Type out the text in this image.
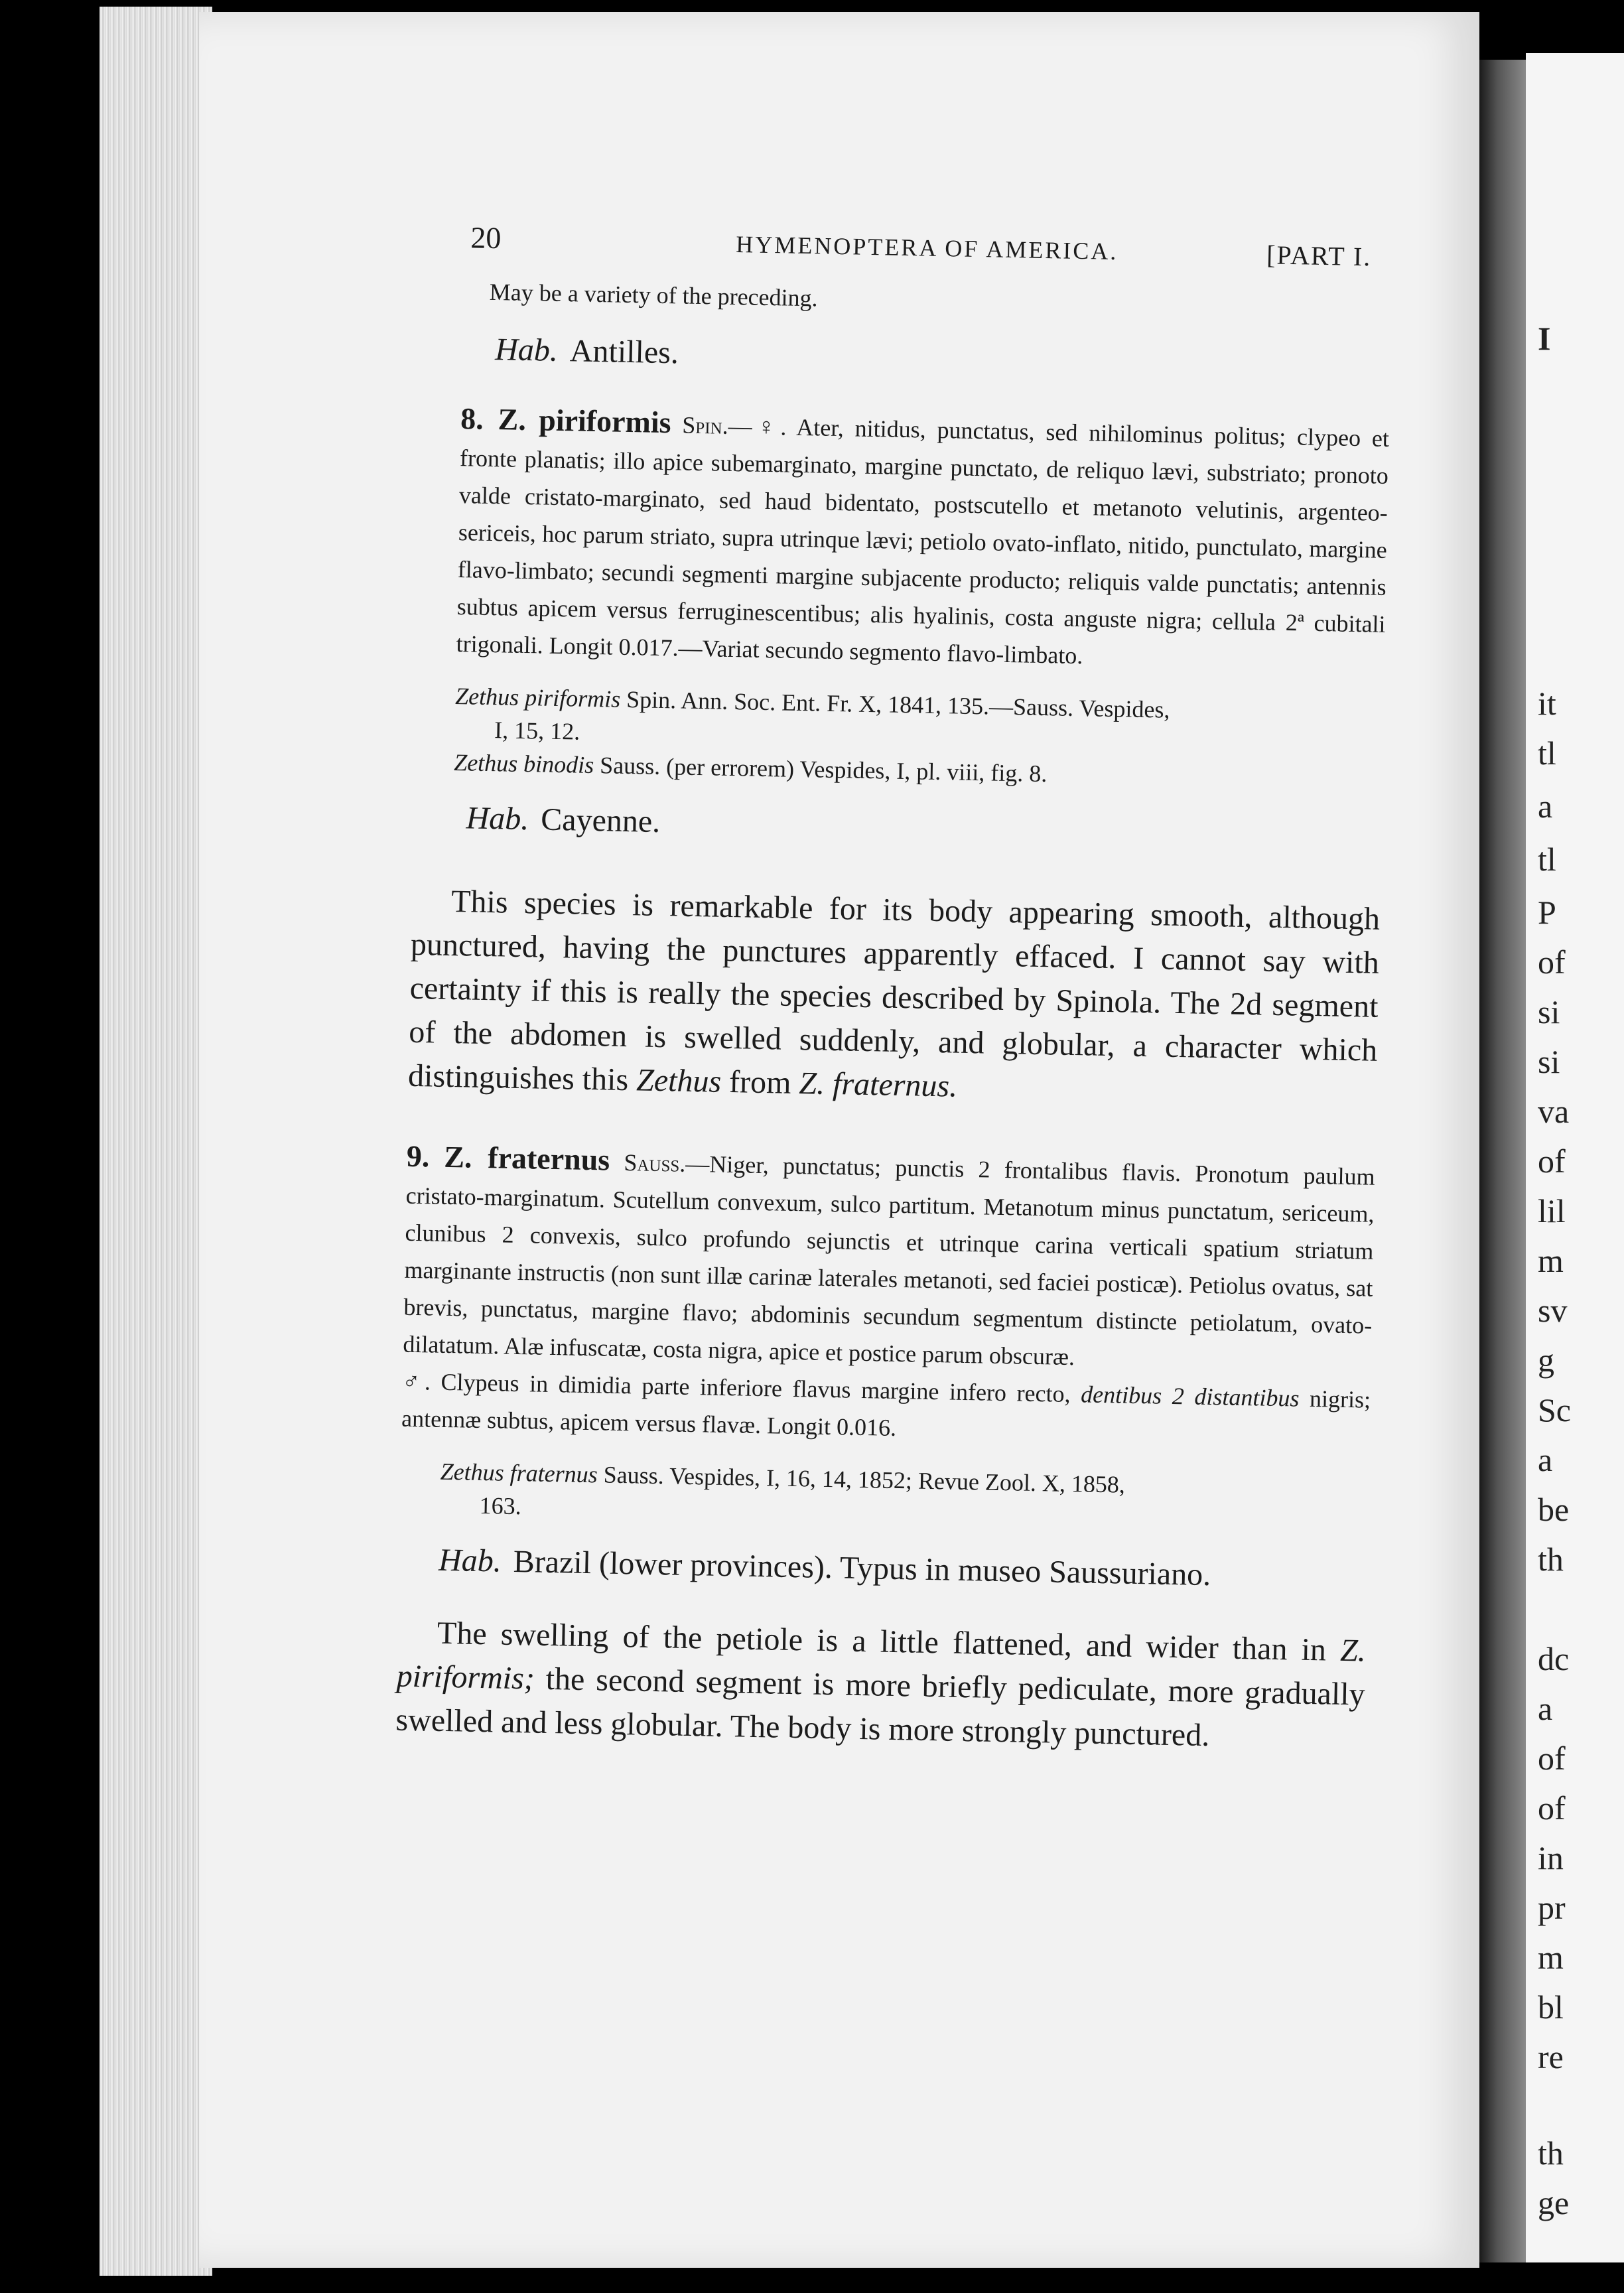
I
it
tl
a
tl
P
of
si
si
va
of
lil
m
sv
g
Sc
a
be
th
dc
a
of
of
in
pr
m
bl
re
th
ge
20	HYMENOPTERA OF AMERICA.	[PART I.

May be a variety of the preceding.

Hab. Antilles.

8. Z. piriformis Spin.—♀. Ater, nitidus, punctatus, sed nihilominus politus; clypeo et fronte planatis; illo apice subemarginato, margine punctato, de reliquo lævi, substriato; pronoto valde cristato-marginato, sed haud bidentato, postscutello et metanoto velutinis, argenteo-sericeis, hoc parum striato, supra utrinque lævi; petiolo ovato-inflato, nitido, punctulato, margine flavo-limbato; secundi segmenti margine subjacente producto; reliquis valde punctatis; antennis subtus apicem versus ferruginescentibus; alis hyalinis, costa anguste nigra; cellula 2ª cubitali trigonali. Longit 0.017.—Variat secundo segmento flavo-limbato.

Zethus piriformis Spin. Ann. Soc. Ent. Fr. X, 1841, 135.—Sauss. Vespides,
I, 15, 12.

Zethus binodis Sauss. (per errorem) Vespides, I, pl. viii, fig. 8.

Hab. Cayenne.

This species is remarkable for its body appearing smooth, although punctured, having the punctures apparently effaced. I cannot say with certainty if this is really the species described by Spinola. The 2d segment of the abdomen is swelled suddenly, and globular, a character which distinguishes this Zethus from Z. fraternus.

9. Z. fraternus Sauss.—Niger, punctatus; punctis 2 frontalibus flavis. Pronotum paulum cristato-marginatum. Scutellum convexum, sulco partitum. Metanotum minus punctatum, sericeum, clunibus 2 convexis, sulco profundo sejunctis et utrinque carina verticali spatium striatum marginante instructis (non sunt illæ carinæ laterales metanoti, sed faciei posticæ). Petiolus ovatus, sat brevis, punctatus, margine flavo; abdominis secundum segmentum distincte petiolatum, ovato-dilatatum. Alæ infuscatæ, costa nigra, apice et postice parum obscuræ.

♂. Clypeus in dimidia parte inferiore flavus margine infero recto, dentibus 2 distantibus nigris; antennæ subtus, apicem versus flavæ. Longit 0.016.

Zethus fraternus Sauss. Vespides, I, 16, 14, 1852; Revue Zool. X, 1858,
163.

Hab. Brazil (lower provinces). Typus in museo Saussuriano.

The swelling of the petiole is a little flattened, and wider than in Z. piriformis; the second segment is more briefly pediculate, more gradually swelled and less globular. The body is more strongly punctured.
